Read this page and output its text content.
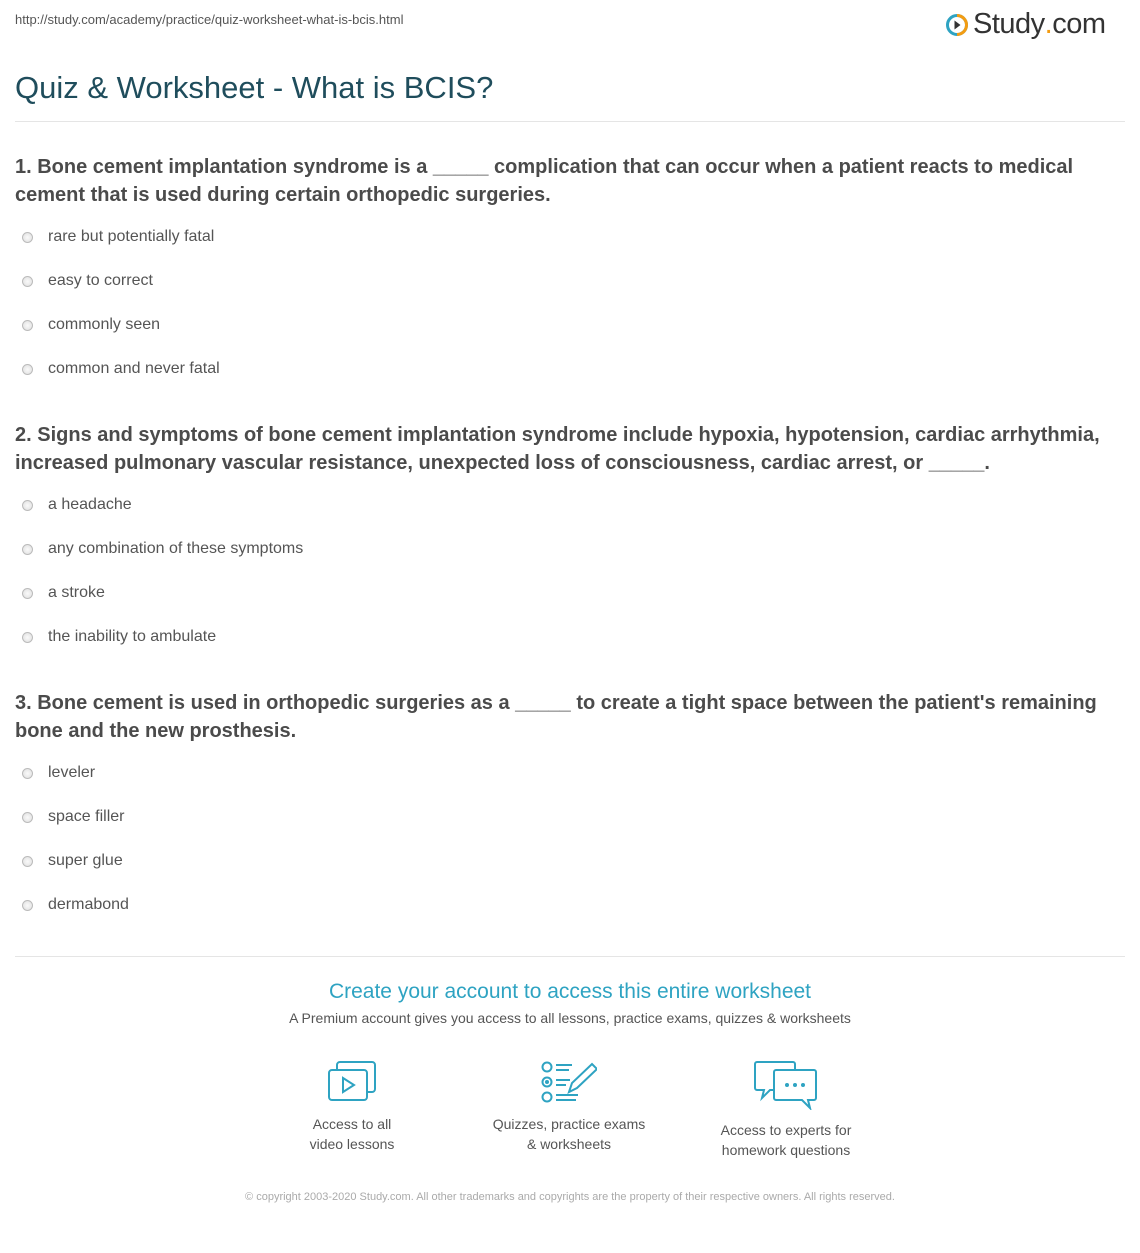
http://study.com/academy/practice/quiz-worksheet-what-is-bcis.html	Study . com
Quiz & Worksheet - What is BCIS?
1. Bone cement implantation syndrome is a _____ complication that can occur when a patient reacts to medical cement that is used during certain orthopedic surgeries.
rare but potentially fatal
easy to correct
commonly seen
common and never fatal
2. Signs and symptoms of bone cement implantation syndrome include hypoxia, hypotension, cardiac arrhythmia, increased pulmonary vascular resistance, unexpected loss of consciousness, cardiac arrest, or _____.
a headache
any combination of these symptoms
a stroke
the inability to ambulate
3. Bone cement is used in orthopedic surgeries as a _____ to create a tight space between the patient's remaining bone and the new prosthesis.
leveler
space filler
super glue
dermabond
Create your account to access this entire worksheet
A Premium account gives you access to all lessons, practice exams, quizzes & worksheets
Access to all
video lessons
Quizzes, practice exams
& worksheets
Access to experts for
homework questions
© copyright 2003-2020 Study.com. All other trademarks and copyrights are the property of their respective owners. All rights reserved.
